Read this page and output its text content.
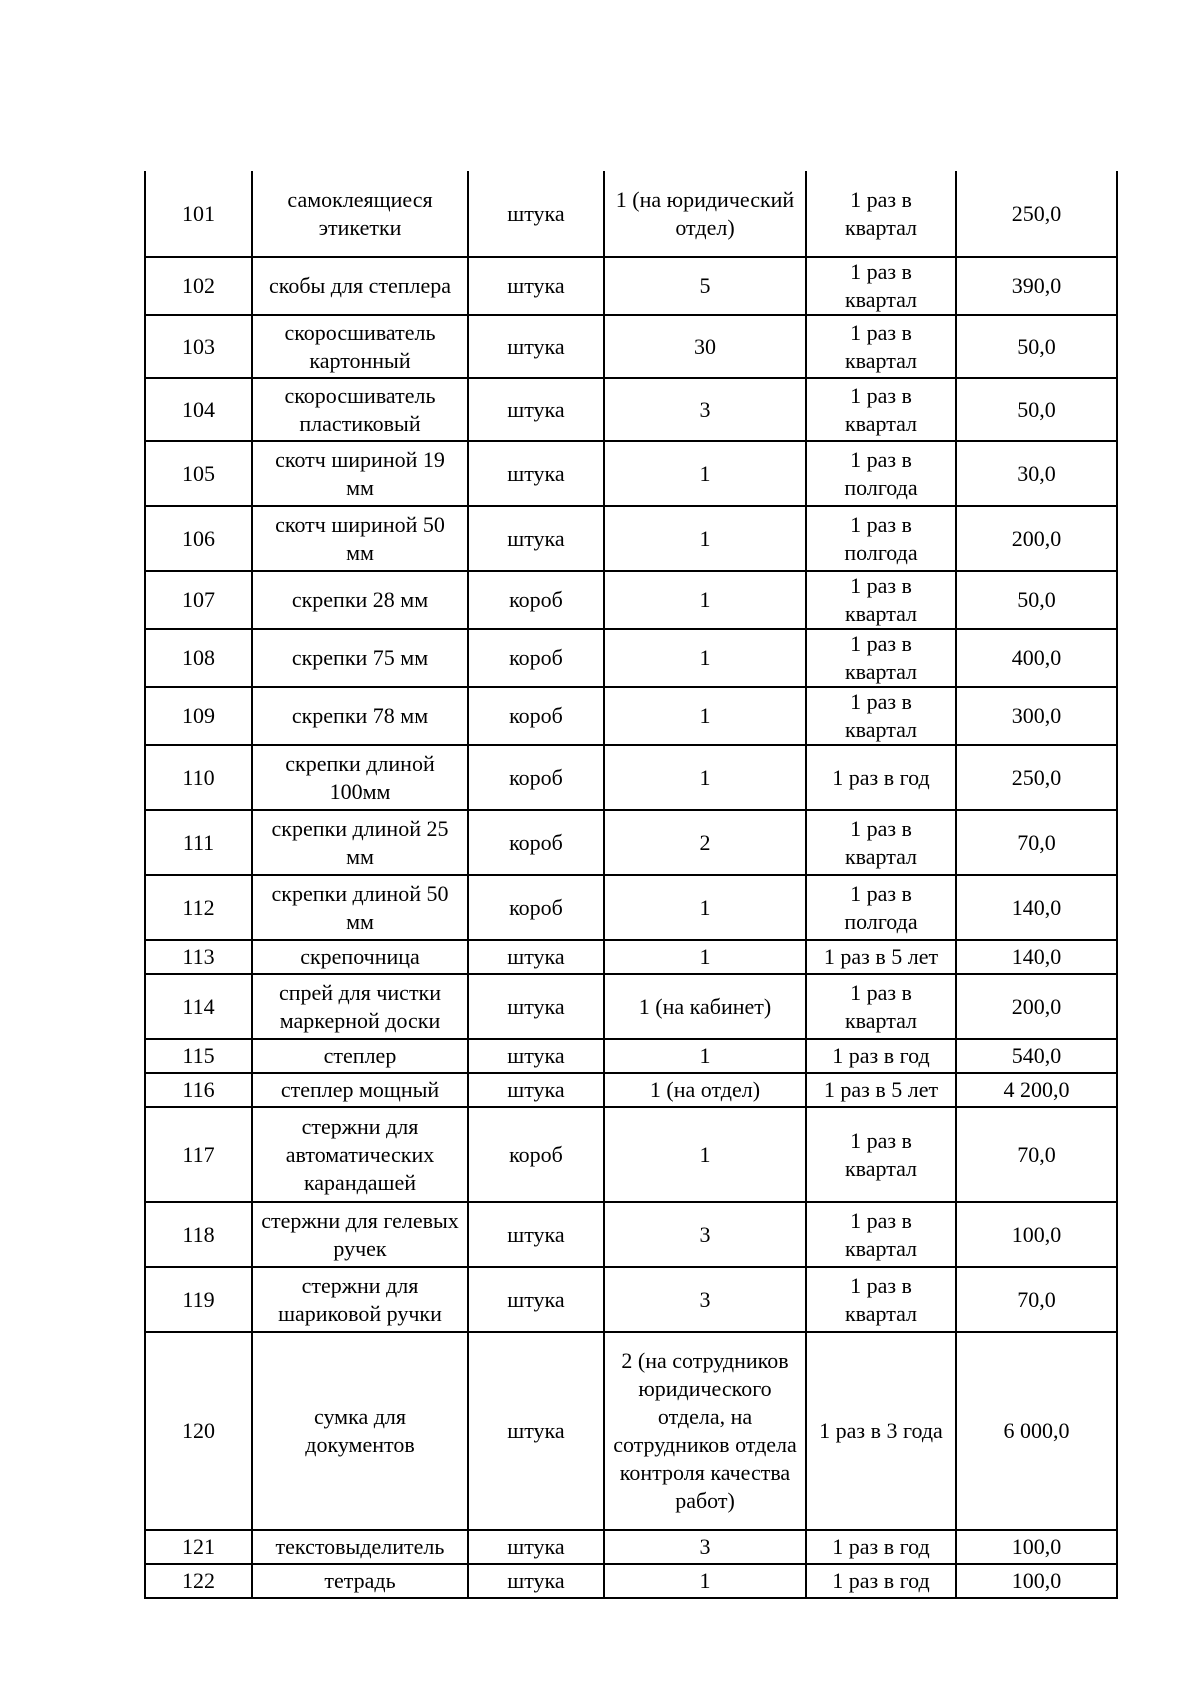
101	самоклеящиеся этикетки	штука	1 (на юридический отдел)	1 раз в квартал	250,0
102	скобы для степлера	штука	5	1 раз в квартал	390,0
103	скоросшиватель картонный	штука	30	1 раз в квартал	50,0
104	скоросшиватель пластиковый	штука	3	1 раз в квартал	50,0
105	скотч шириной 19 мм	штука	1	1 раз в полгода	30,0
106	скотч шириной 50 мм	штука	1	1 раз в полгода	200,0
107	скрепки 28 мм	короб	1	1 раз в квартал	50,0
108	скрепки 75 мм	короб	1	1 раз в квартал	400,0
109	скрепки 78 мм	короб	1	1 раз в квартал	300,0
110	скрепки длиной 100мм	короб	1	1 раз в год	250,0
111	скрепки длиной 25 мм	короб	2	1 раз в квартал	70,0
112	скрепки длиной 50 мм	короб	1	1 раз в полгода	140,0
113	скрепочница	штука	1	1 раз в 5 лет	140,0
114	спрей для чистки маркерной доски	штука	1 (на кабинет)	1 раз в квартал	200,0
115	степлер	штука	1	1 раз в год	540,0
116	степлер мощный	штука	1 (на отдел)	1 раз в 5 лет	4 200,0
117	стержни для автоматических карандашей	короб	1	1 раз в квартал	70,0
118	стержни для гелевых ручек	штука	3	1 раз в квартал	100,0
119	стержни для шариковой ручки	штука	3	1 раз в квартал	70,0
120	сумка для документов	штука	2 (на сотрудников юридического отдела, на сотрудников отдела контроля качества работ)	1 раз в 3 года	6 000,0
121	текстовыделитель	штука	3	1 раз в год	100,0
122	тетрадь	штука	1	1 раз в год	100,0
